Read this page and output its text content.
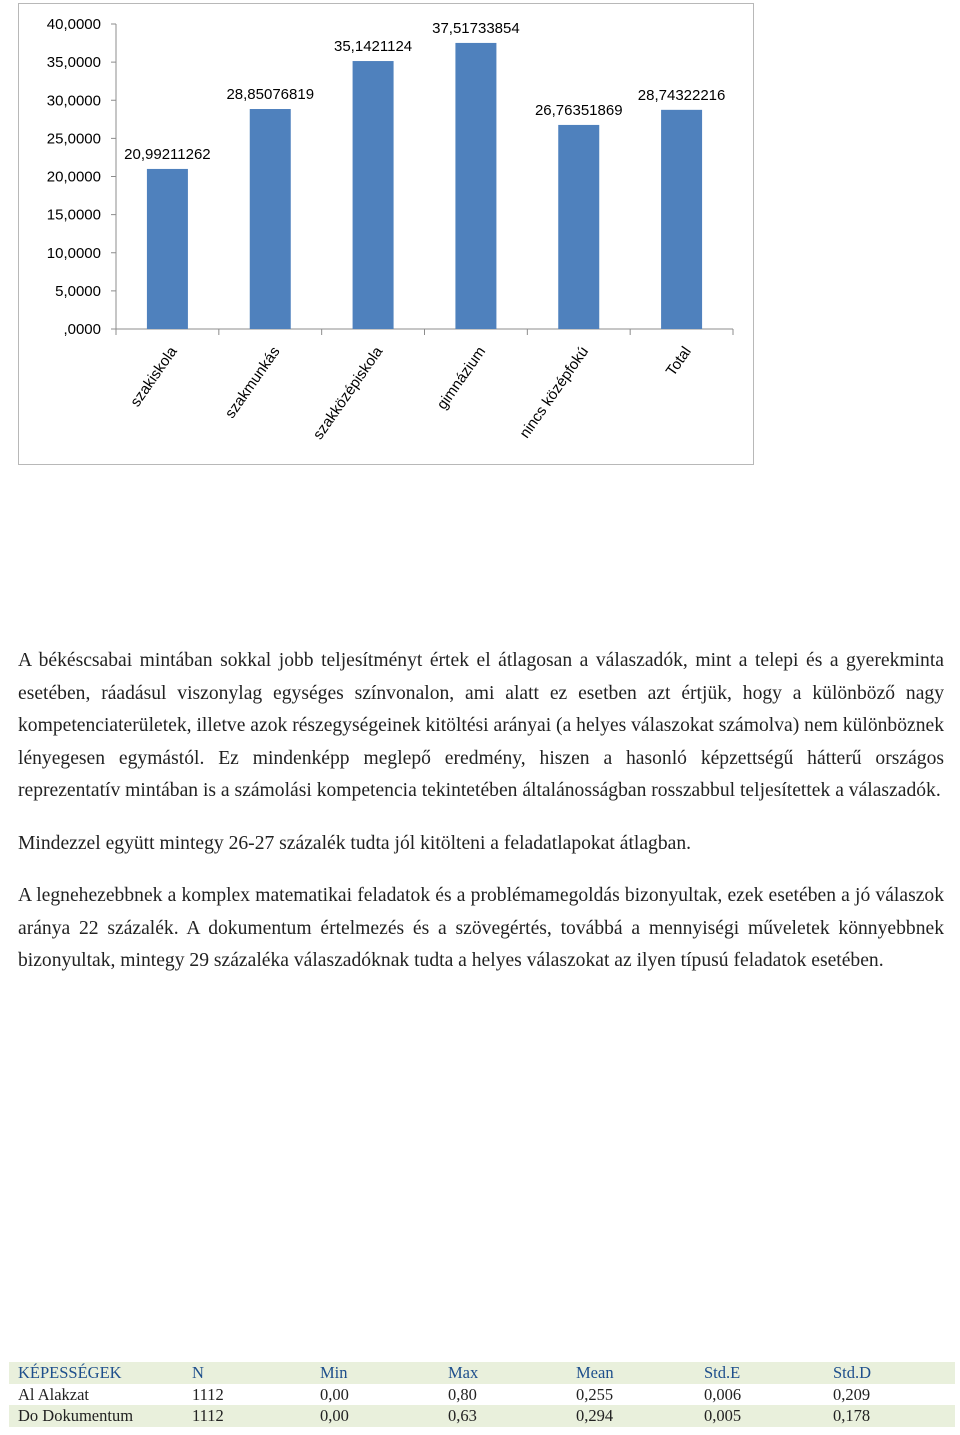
,0000
5,0000
10,0000
15,0000
20,0000
25,0000
30,0000
35,0000
40,0000
20,99211262
28,85076819
35,1421124
37,51733854
26,76351869
28,74322216
szakiskola	szakmunkás szakközépiskola	gimnázium nincs középfokú	Total

A békéscsabai mintában sokkal jobb teljesítményt értek el átlagosan a válaszadók, mint a telepi és a gyerekminta esetében, ráadásul viszonylag egységes színvonalon, ami alatt ez esetben azt értjük, hogy a különböző nagy kompetenciaterületek, illetve azok részegységeinek kitöltési arányai (a helyes válaszokat számolva) nem különböznek lényegesen egymástól. Ez mindenképp meglepő eredmény, hiszen a hasonló képzettségű hátterű országos reprezentatív mintában is a számolási kompetencia tekintetében általánosságban rosszabbul teljesítettek a válaszadók.

Mindezzel együtt mintegy 26-27 százalék tudta jól kitölteni a feladatlapokat átlagban.

A legnehezebbnek a komplex matematikai feladatok és a problémamegoldás bizonyultak, ezek esetében a jó válaszok aránya 22 százalék. A dokumentum értelmezés és a szövegértés, továbbá a mennyiségi műveletek könnyebbnek bizonyultak, mintegy 29 százaléka válaszadóknak tudta a helyes válaszokat az ilyen típusú feladatok esetében.

KÉPESSÉGEK	N	Min	Max	Mean	Std.E	Std.D
Al Alakzat	1112	0,00	0,80	0,255	0,006	0,209
Do Dokumentum	1112	0,00	0,63	0,294	0,005	0,178
